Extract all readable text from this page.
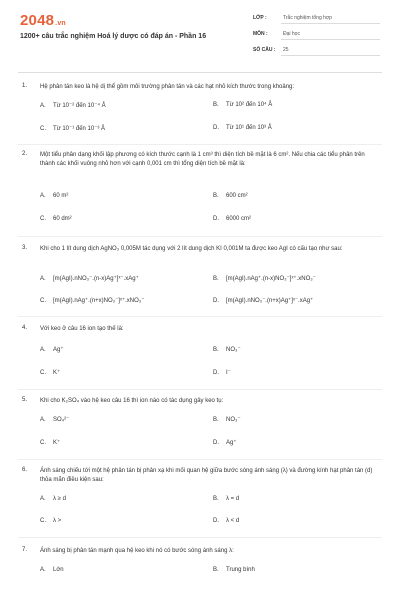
2048.vn
1200+ câu trắc nghiệm Hoá lý dược có đáp án - Phần 16
LỚP :	Trắc nghiệm tổng hợp
MÔN :	Đại học
SỐ CÂU : 25
1. Hệ phân tán keo là hệ dị thể gồm môi trường phân tán và các hạt nhỏ kích thước trong khoảng:
A. Từ 10⁻² đến 10⁻⁴ Å	B. Từ 10² đến 10⁴ Å
C. Từ 10⁻¹ đến 10⁻³ Å	D. Từ 10¹ đến 10³ Å
2. Một tiểu phân dạng khối lập phương có kích thước cạnh là 1 cm³ thì diện tích bề mặt là 6 cm². Nếu chia các tiểu phân trên thành các khối vuông nhỏ hơn với cạnh 0,001 cm thì tổng diện tích bề mặt là:
A. 60 m²	B. 600 cm²
C. 60 dm²	D. 6000 cm²
3. Khi cho 1 lít dung dịch AgNO₃ 0,005M tác dụng với 2 lít dung dịch KI 0,001M ta được keo AgI có cấu tạo như sau:
A. [m(AgI).nNO₃⁻.(n-x)Ag⁺]ˣ⁻.xAg⁺	B. [m(AgI).nAg⁺.(n-x)NO₃⁻]ˣ⁺.xNO₃⁻
C. [m(AgI).nAg⁺.(n+x)NO₃⁻]ˣ⁺.xNO₃⁻	D. [m(AgI).nNO₃⁻.(n+x)Ag⁺]ˣ⁻.xAg⁺
4. Với keo ở câu 16 ion tạo thế là:
A. Ag⁺	B. NO₃⁻
C. K⁺	D. I⁻
5. Khi cho K₂SO₄ vào hệ keo câu 16 thì ion nào có tác dụng gây keo tụ:
A. SO₄²⁻	B. NO₃⁻
C. K⁺	D. Ag⁺
6. Ánh sáng chiếu tới một hệ phân tán bị phản xạ khi mối quan hệ giữa bước sóng ánh sáng (λ) và đường kính hạt phân tán (d) thỏa mãn điều kiện sau:
A. λ ≥ d	B. λ = d
C. λ >	D. λ < d
7. Ánh sáng bị phân tán mạnh qua hệ keo khi nó có bước sóng ánh sáng λ:
A. Lớn	B. Trung bình
